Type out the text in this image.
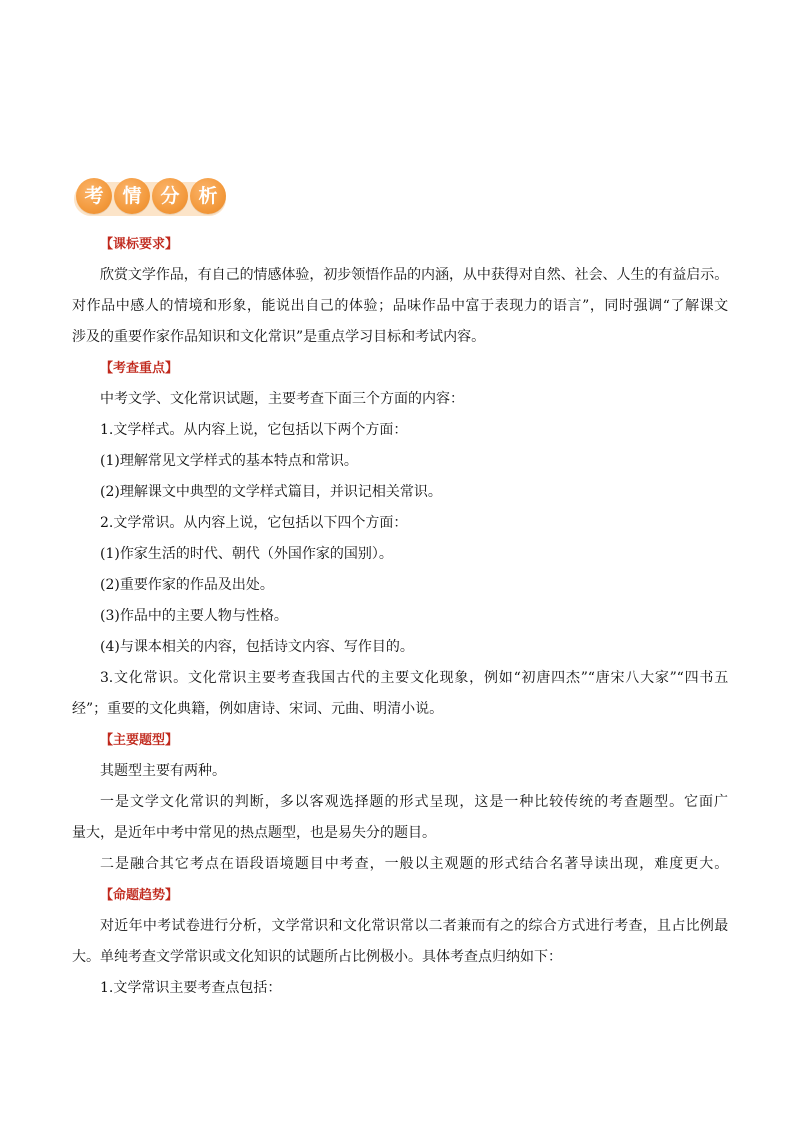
考 情 分 析
【课标要求】
欣赏文学作品，有自己的情感体验，初步领悟作品的内涵，从中获得对自然、社会、人生的有益启示。
对作品中感人的情境和形象，能说出自己的体验；品味作品中富于表现力的语言”，同时强调“了解课文
涉及的重要作家作品知识和文化常识”是重点学习目标和考试内容。
【考查重点】
中考文学、文化常识试题，主要考查下面三个方面的内容：
1.文学样式。从内容上说，它包括以下两个方面：
(1)理解常见文学样式的基本特点和常识。
(2)理解课文中典型的文学样式篇目，并识记相关常识。
2.文学常识。从内容上说，它包括以下四个方面：
(1)作家生活的时代、朝代（外国作家的国别）。
(2)重要作家的作品及出处。
(3)作品中的主要人物与性格。
(4)与课本相关的内容，包括诗文内容、写作目的。
3.文化常识。文化常识主要考查我国古代的主要文化现象，例如“初唐四杰”“唐宋八大家”“四书五
经”；重要的文化典籍，例如唐诗、宋词、元曲、明清小说。
【主要题型】
其题型主要有两种。
一是文学文化常识的判断，多以客观选择题的形式呈现，这是一种比较传统的考查题型。它面广
量大，是近年中考中常见的热点题型，也是易失分的题目。
二是融合其它考点在语段语境题目中考查，一般以主观题的形式结合名著导读出现，难度更大。
【命题趋势】
对近年中考试卷进行分析，文学常识和文化常识常以二者兼而有之的综合方式进行考查，且占比例最
大。单纯考查文学常识或文化知识的试题所占比例极小。具体考查点归纳如下：
1.文学常识主要考查点包括：
